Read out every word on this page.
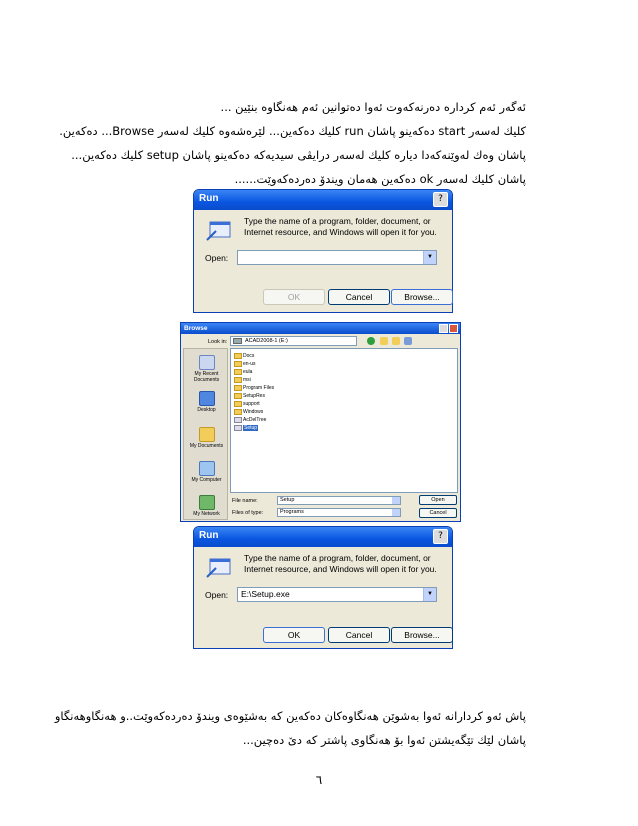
ئەگەر ئەم کردارە دەرنەکەوت ئەوا دەتوانین ئەم هەنگاوە بنێین ...

کلیك لەسەر start دەکەینو پاشان run کلیك دەکەین... لێرەشەوە کلیك لەسەر Browse... دەکەین.

پاشان وەك لەوێنەکەدا دیارە کلیك لەسەر درایڤی سیدیەکە دەکەینو پاشان setup کلیك دەکەین...

پاشان کلیك لەسەر ok دەکەین هەمان ویندۆ دەردەکەوێت......

Run	?
Type the name of a program, folder, document, or Internet resource, and Windows will open it for you.
Open:	▼
OK	Cancel	Browse...
Browse
Look in:	ACAD2008-1 (E:)
My Recent Documents
Desktop
My Documents
My Computer
My Network
Docs
en-us
eula
msi
Program Files
SetupRes
support
Windows
AcDelTree
Setup
File name:	Setup
Files of type:	Programs
Open
Cancel
Run	?
Type the name of a program, folder, document, or Internet resource, and Windows will open it for you.
Open:	E:\Setup.exe	▼
OK	Cancel	Browse...

پاش ئەو کردارانە ئەوا بەشوێن هەنگاوەکان دەکەین کە بەشێوەی ویندۆ دەردەکەوێت..و هەنگاوهەنگاو

پاشان لێك تێگەیشتن ئەوا بۆ هەنگاوی پاشتر کە دێ دەچین...

٦
